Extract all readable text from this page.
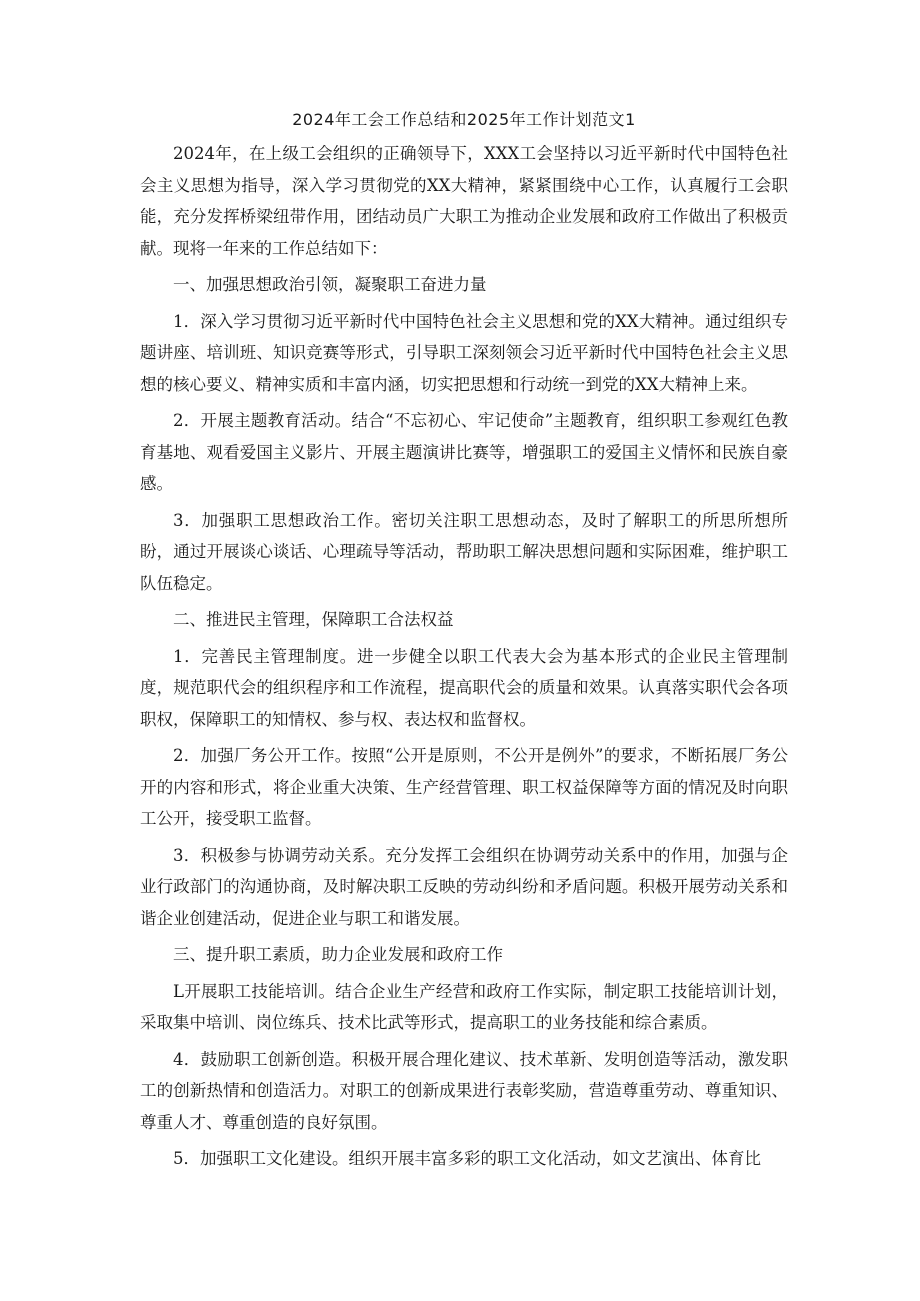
2024年工会工作总结和2025年工作计划范文1

2024年，在上级工会组织的正确领导下，XXX工会坚持以习近平新时代中国特色社会主义思想为指导，深入学习贯彻党的XX大精神，紧紧围绕中心工作，认真履行工会职能，充分发挥桥梁纽带作用，团结动员广大职工为推动企业发展和政府工作做出了积极贡献。现将一年来的工作总结如下：

一、加强思想政治引领，凝聚职工奋进力量

1．深入学习贯彻习近平新时代中国特色社会主义思想和党的XX大精神。通过组织专题讲座、培训班、知识竞赛等形式，引导职工深刻领会习近平新时代中国特色社会主义思想的核心要义、精神实质和丰富内涵，切实把思想和行动统一到党的XX大精神上来。

2．开展主题教育活动。结合“不忘初心、牢记使命”主题教育，组织职工参观红色教育基地、观看爱国主义影片、开展主题演讲比赛等，增强职工的爱国主义情怀和民族自豪感。

3．加强职工思想政治工作。密切关注职工思想动态，及时了解职工的所思所想所盼，通过开展谈心谈话、心理疏导等活动，帮助职工解决思想问题和实际困难，维护职工队伍稳定。

二、推进民主管理，保障职工合法权益

1．完善民主管理制度。进一步健全以职工代表大会为基本形式的企业民主管理制度，规范职代会的组织程序和工作流程，提高职代会的质量和效果。认真落实职代会各项职权，保障职工的知情权、参与权、表达权和监督权。

2．加强厂务公开工作。按照“公开是原则，不公开是例外”的要求，不断拓展厂务公开的内容和形式，将企业重大决策、生产经营管理、职工权益保障等方面的情况及时向职工公开，接受职工监督。

3．积极参与协调劳动关系。充分发挥工会组织在协调劳动关系中的作用，加强与企业行政部门的沟通协商，及时解决职工反映的劳动纠纷和矛盾问题。积极开展劳动关系和谐企业创建活动，促进企业与职工和谐发展。

三、提升职工素质，助力企业发展和政府工作

L开展职工技能培训。结合企业生产经营和政府工作实际，制定职工技能培训计划，采取集中培训、岗位练兵、技术比武等形式，提高职工的业务技能和综合素质。

4．鼓励职工创新创造。积极开展合理化建议、技术革新、发明创造等活动，激发职工的创新热情和创造活力。对职工的创新成果进行表彰奖励，营造尊重劳动、尊重知识、尊重人才、尊重创造的良好氛围。

5．加强职工文化建设。组织开展丰富多彩的职工文化活动，如文艺演出、体育比
